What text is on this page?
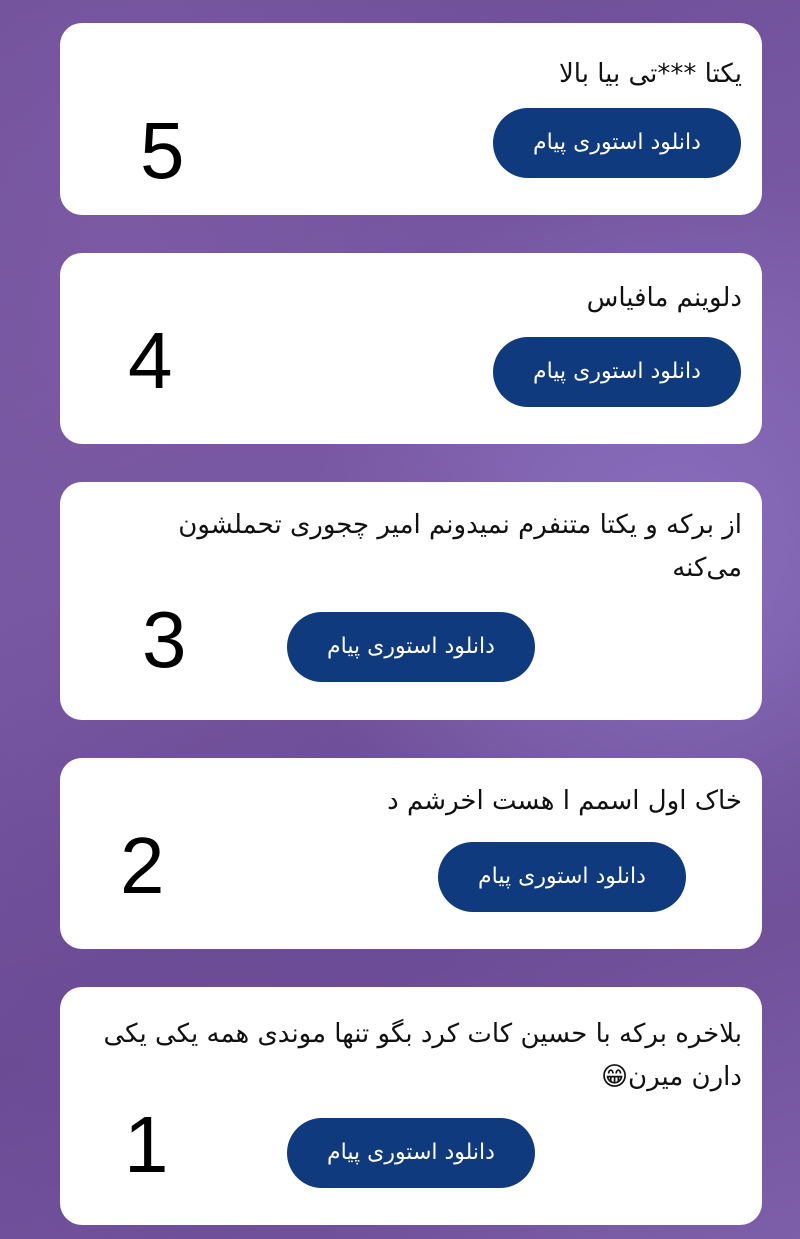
یکتا ***تی بیا بالا
دانلود استوری پیام
5
دلوینم مافیاس
دانلود استوری پیام
4
از برکه و یکتا متنفرم نمیدونم امیر چجوری تحملشون می‌کنه
دانلود استوری پیام
3
خاک اول اسمم ا هست اخرشم د
دانلود استوری پیام
2
بلاخره برکه با حسین کات کرد بگو تنها موندی همه یکی یکی دارن میرن😁
دانلود استوری پیام
1
